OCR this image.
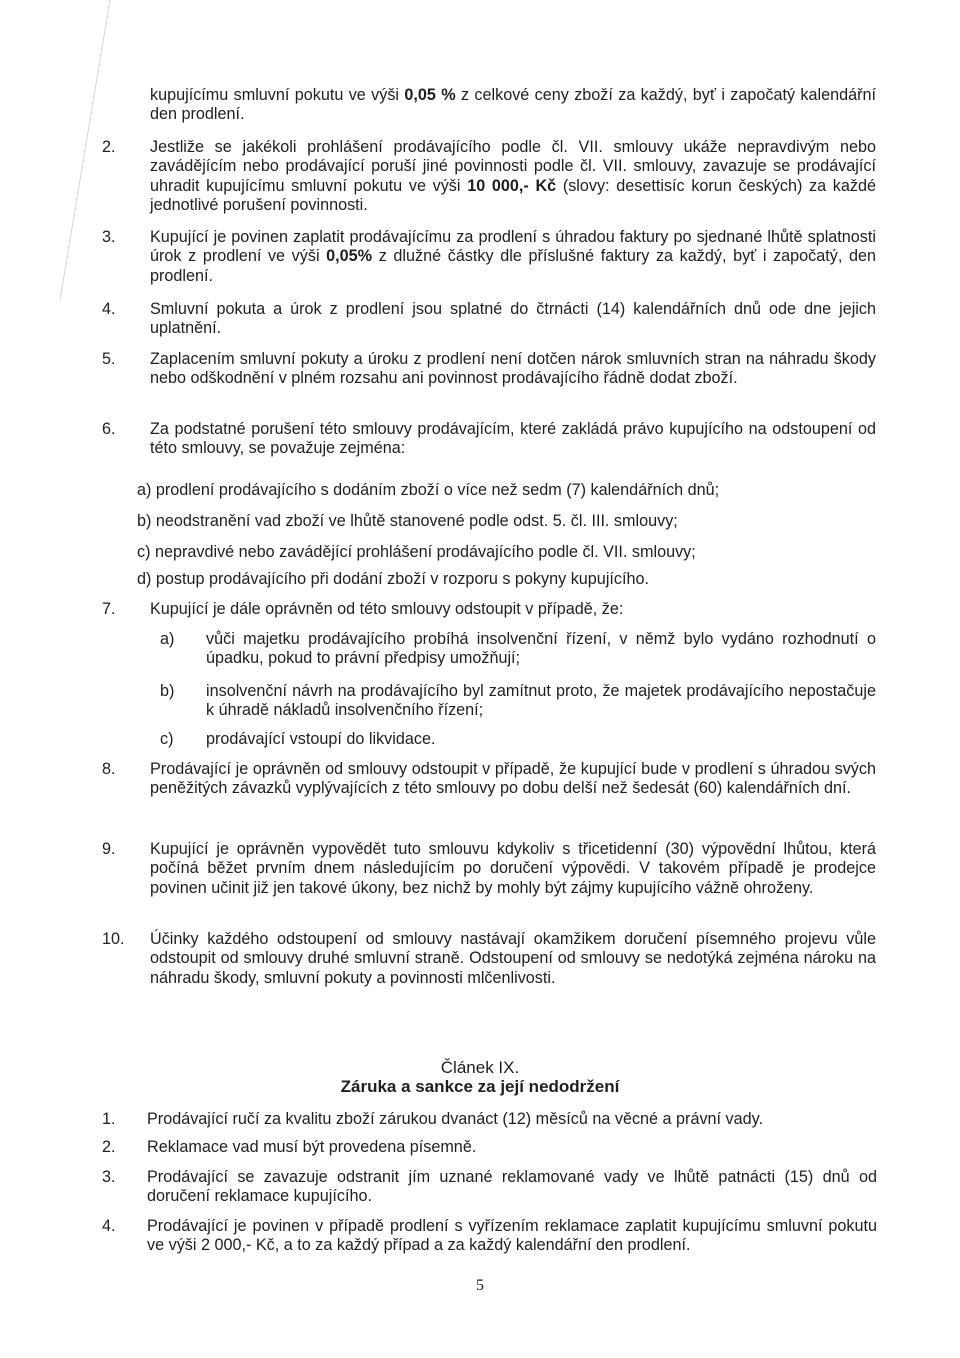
kupujícímu smluvní pokutu ve výši 0,05 % z celkové ceny zboží za každý, byť i započatý kalendářní den prodlení.

2. Jestliže se jakékoli prohlášení prodávajícího podle čl. VII. smlouvy ukáže nepravdivým nebo zavádějícím nebo prodávající poruší jiné povinnosti podle čl. VII. smlouvy, zavazuje se prodávající uhradit kupujícímu smluvní pokutu ve výši 10 000,- Kč (slovy: desettisíc korun českých) za každé jednotlivé porušení povinnosti.

3. Kupující je povinen zaplatit prodávajícímu za prodlení s úhradou faktury po sjednané lhůtě splatnosti úrok z prodlení ve výši 0,05% z dlužné částky dle příslušné faktury za každý, byť i započatý, den prodlení.

4. Smluvní pokuta a úrok z prodlení jsou splatné do čtrnácti (14) kalendářních dnů ode dne jejich uplatnění.

5. Zaplacením smluvní pokuty a úroku z prodlení není dotčen nárok smluvních stran na náhradu škody nebo odškodnění v plném rozsahu ani povinnost prodávajícího řádně dodat zboží.

6. Za podstatné porušení této smlouvy prodávajícím, které zakládá právo kupujícího na odstoupení od této smlouvy, se považuje zejména:

a) prodlení prodávajícího s dodáním zboží o více než sedm (7) kalendářních dnů;

b) neodstranění vad zboží ve lhůtě stanovené podle odst. 5. čl. III. smlouvy;

c) nepravdivé nebo zavádějící prohlášení prodávajícího podle čl. VII. smlouvy;

d) postup prodávajícího při dodání zboží v rozporu s pokyny kupujícího.

7. Kupující je dále oprávněn od této smlouvy odstoupit v případě, že:

a) vůči majetku prodávajícího probíhá insolvenční řízení, v němž bylo vydáno rozhodnutí o úpadku, pokud to právní předpisy umožňují;

b) insolvenční návrh na prodávajícího byl zamítnut proto, že majetek prodávajícího nepostačuje k úhradě nákladů insolvenčního řízení;

c) prodávající vstoupí do likvidace.

8. Prodávající je oprávněn od smlouvy odstoupit v případě, že kupující bude v prodlení s úhradou svých peněžitých závazků vyplývajících z této smlouvy po dobu delší než šedesát (60) kalendářních dní.

9. Kupující je oprávněn vypovědět tuto smlouvu kdykoliv s třicetidenní (30) výpovědní lhůtou, která počíná běžet prvním dnem následujícím po doručení výpovědi. V takovém případě je prodejce povinen učinit již jen takové úkony, bez nichž by mohly být zájmy kupujícího vážně ohroženy.

10. Účinky každého odstoupení od smlouvy nastávají okamžikem doručení písemného projevu vůle odstoupit od smlouvy druhé smluvní straně. Odstoupení od smlouvy se nedotýká zejména nároku na náhradu škody, smluvní pokuty a povinnosti mlčenlivosti.

Článek IX.

Záruka a sankce za její nedodržení

1. Prodávající ručí za kvalitu zboží zárukou dvanáct (12) měsíců na věcné a právní vady.

2. Reklamace vad musí být provedena písemně.

3. Prodávající se zavazuje odstranit jím uznané reklamované vady ve lhůtě patnácti (15) dnů od doručení reklamace kupujícího.

4. Prodávající je povinen v případě prodlení s vyřízením reklamace zaplatit kupujícímu smluvní pokutu ve výši 2 000,- Kč, a to za každý případ a za každý kalendářní den prodlení.

5
